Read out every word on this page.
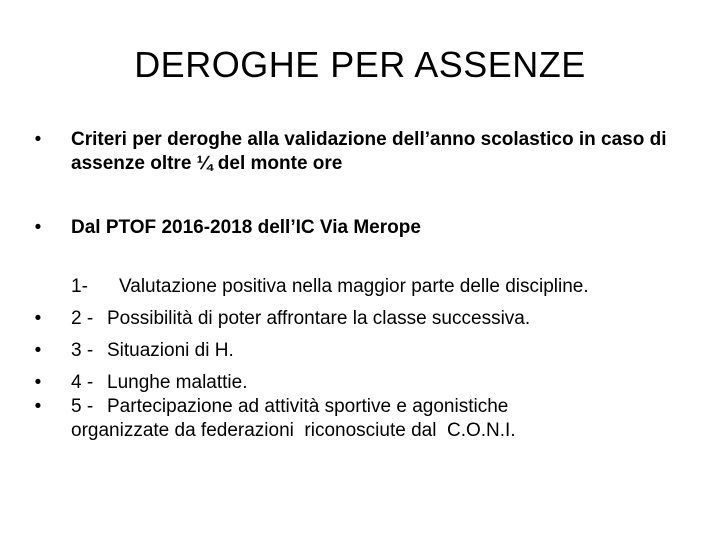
DEROGHE PER ASSENZE
• Criteri per deroghe alla validazione dell’anno scolastico in caso di assenze oltre ¼ del monte ore
• Dal PTOF 2016-2018 dell’IC Via Merope
1-	Valutazione positiva nella maggior parte delle discipline.
• 2 - Possibilità di poter affrontare la classe successiva.
• 3 - Situazioni di H.
• 4 - Lunghe malattie.
• 5 - Partecipazione ad attività sportive e agonistiche
organizzate da federazioni  riconosciute dal  C.O.N.I.
